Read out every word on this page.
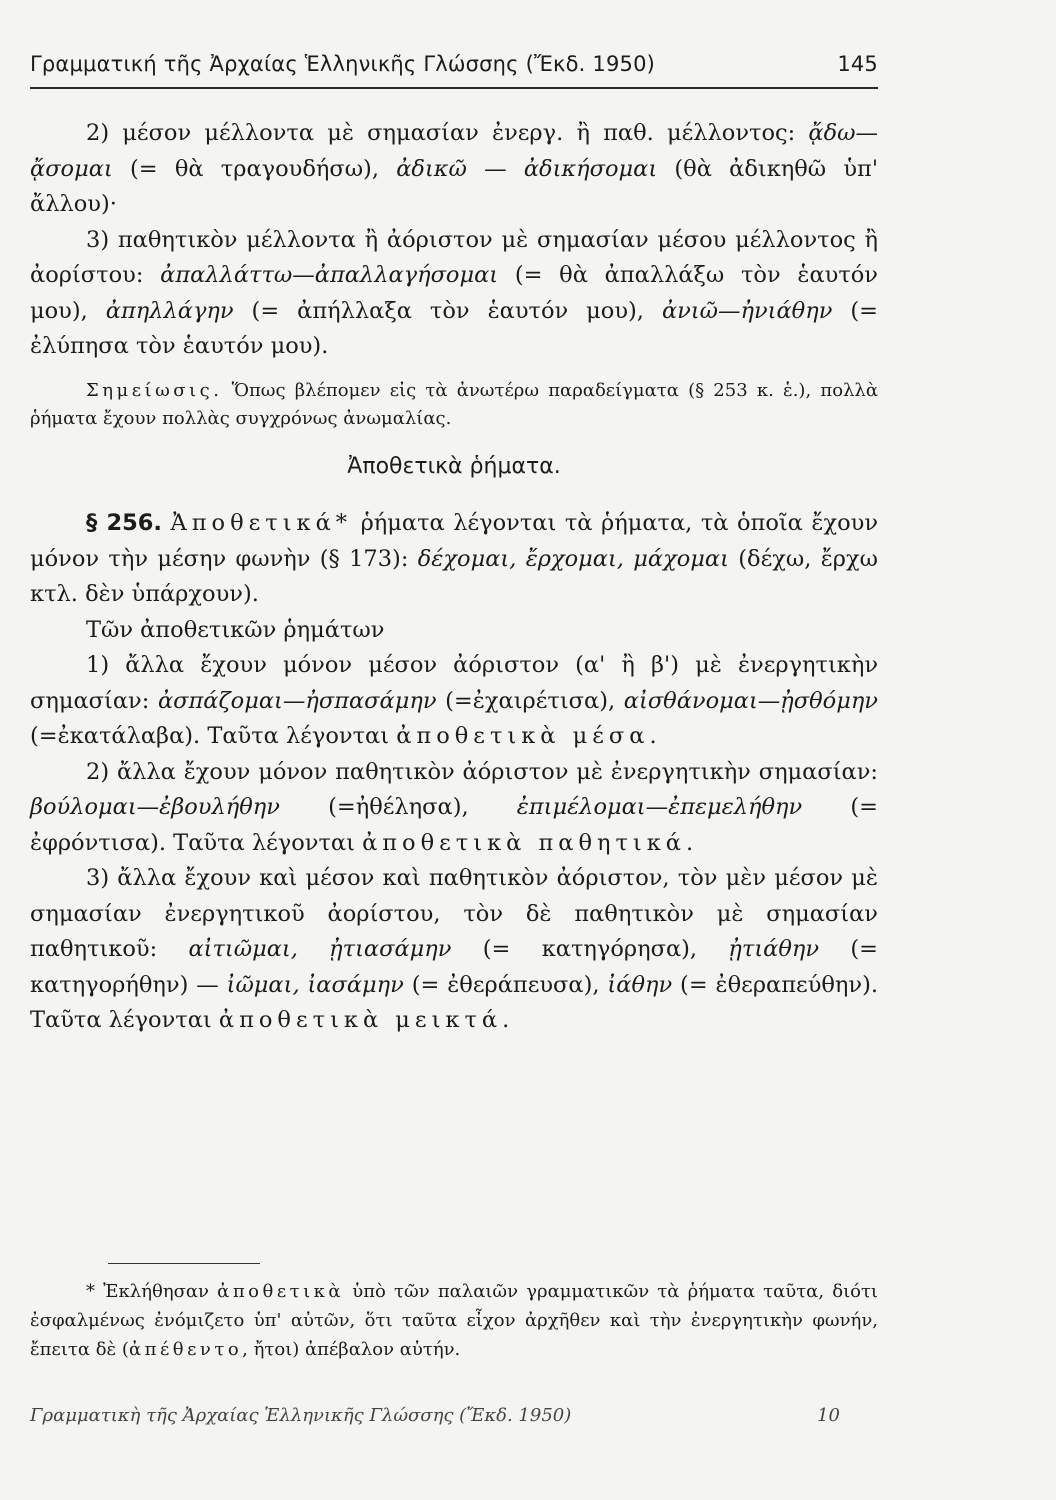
Γραμματική τῆς Ἀρχαίας Ἑλληνικῆς Γλώσσης (Ἔκδ. 1950)	145

2) μέσον μέλλοντα μὲ σημασίαν ἐνεργ. ἢ παθ. μέλλοντος: ᾄδω—ᾄσομαι (= θὰ τραγουδήσω), ἀδικῶ — ἀδικήσομαι (θὰ ἀδικηθῶ ὑπ' ἄλλου)·

3) παθητικὸν μέλλοντα ἢ ἀόριστον μὲ σημασίαν μέσου μέλλοντος ἢ ἀορίστου: ἀπαλλάττω—ἀπαλλαγήσομαι (= θὰ ἀπαλλάξω τὸν ἑαυτόν μου), ἀπηλλάγην (= ἀπήλλαξα τὸν ἑαυτόν μου), ἀνιῶ—ἠνιάθην (= ἐλύπησα τὸν ἑαυτόν μου).

Σημείωσις. Ὅπως βλέπομεν εἰς τὰ ἀνωτέρω παραδείγματα (§ 253 κ. ἑ.), πολλὰ ῥήματα ἔχουν πολλὰς συγχρόνως ἀνωμαλίας.

Ἀποθετικὰ ῥήματα.

§ 256. Ἀποθετικά* ῥήματα λέγονται τὰ ῥήματα, τὰ ὁποῖα ἔχουν μόνον τὴν μέσην φωνὴν (§ 173): δέχομαι, ἔρχομαι, μάχομαι (δέχω, ἔρχω κτλ. δὲν ὑπάρχουν).

Τῶν ἀποθετικῶν ῥημάτων

1) ἄλλα ἔχουν μόνον μέσον ἀόριστον (α' ἢ β') μὲ ἐνεργητικὴν σημασίαν: ἀσπάζομαι—ἠσπασάμην (=ἐχαιρέτισα), αἰσθάνομαι—ᾐσθόμην (=ἐκατάλαβα). Ταῦτα λέγονται ἀποθετικὰ μέσα.

2) ἄλλα ἔχουν μόνον παθητικὸν ἀόριστον μὲ ἐνεργητικὴν σημασίαν: βούλομαι—ἐβουλήθην (=ἠθέλησα), ἐπιμέλομαι—ἐπεμελήθην (= ἐφρόντισα). Ταῦτα λέγονται ἀποθετικὰ παθητικά.

3) ἄλλα ἔχουν καὶ μέσον καὶ παθητικὸν ἀόριστον, τὸν μὲν μέσον μὲ σημασίαν ἐνεργητικοῦ ἀορίστου, τὸν δὲ παθητικὸν μὲ σημασίαν παθητικοῦ: αἰτιῶμαι, ᾐτιασάμην (= κατηγόρησα), ᾐτιάθην (= κατηγορήθην) — ἰῶμαι, ἰασάμην (= ἐθεράπευσα), ἰάθην (= ἐθεραπεύθην). Ταῦτα λέγονται ἀποθετικὰ μεικτά.

* Ἐκλήθησαν ἀποθετικὰ ὑπὸ τῶν παλαιῶν γραμματικῶν τὰ ῥήματα ταῦτα, διότι ἐσφαλμένως ἐνόμιζετο ὑπ' αὐτῶν, ὅτι ταῦτα εἶχον ἀρχῆθεν καὶ τὴν ἐνεργητικὴν φωνήν, ἔπειτα δὲ (ἀπέθεντο, ἤτοι) ἀπέβαλον αὐτήν.

Γραμματικὴ τῆς Ἀρχαίας Ἑλληνικῆς Γλώσσης (Ἔκδ. 1950)	10
